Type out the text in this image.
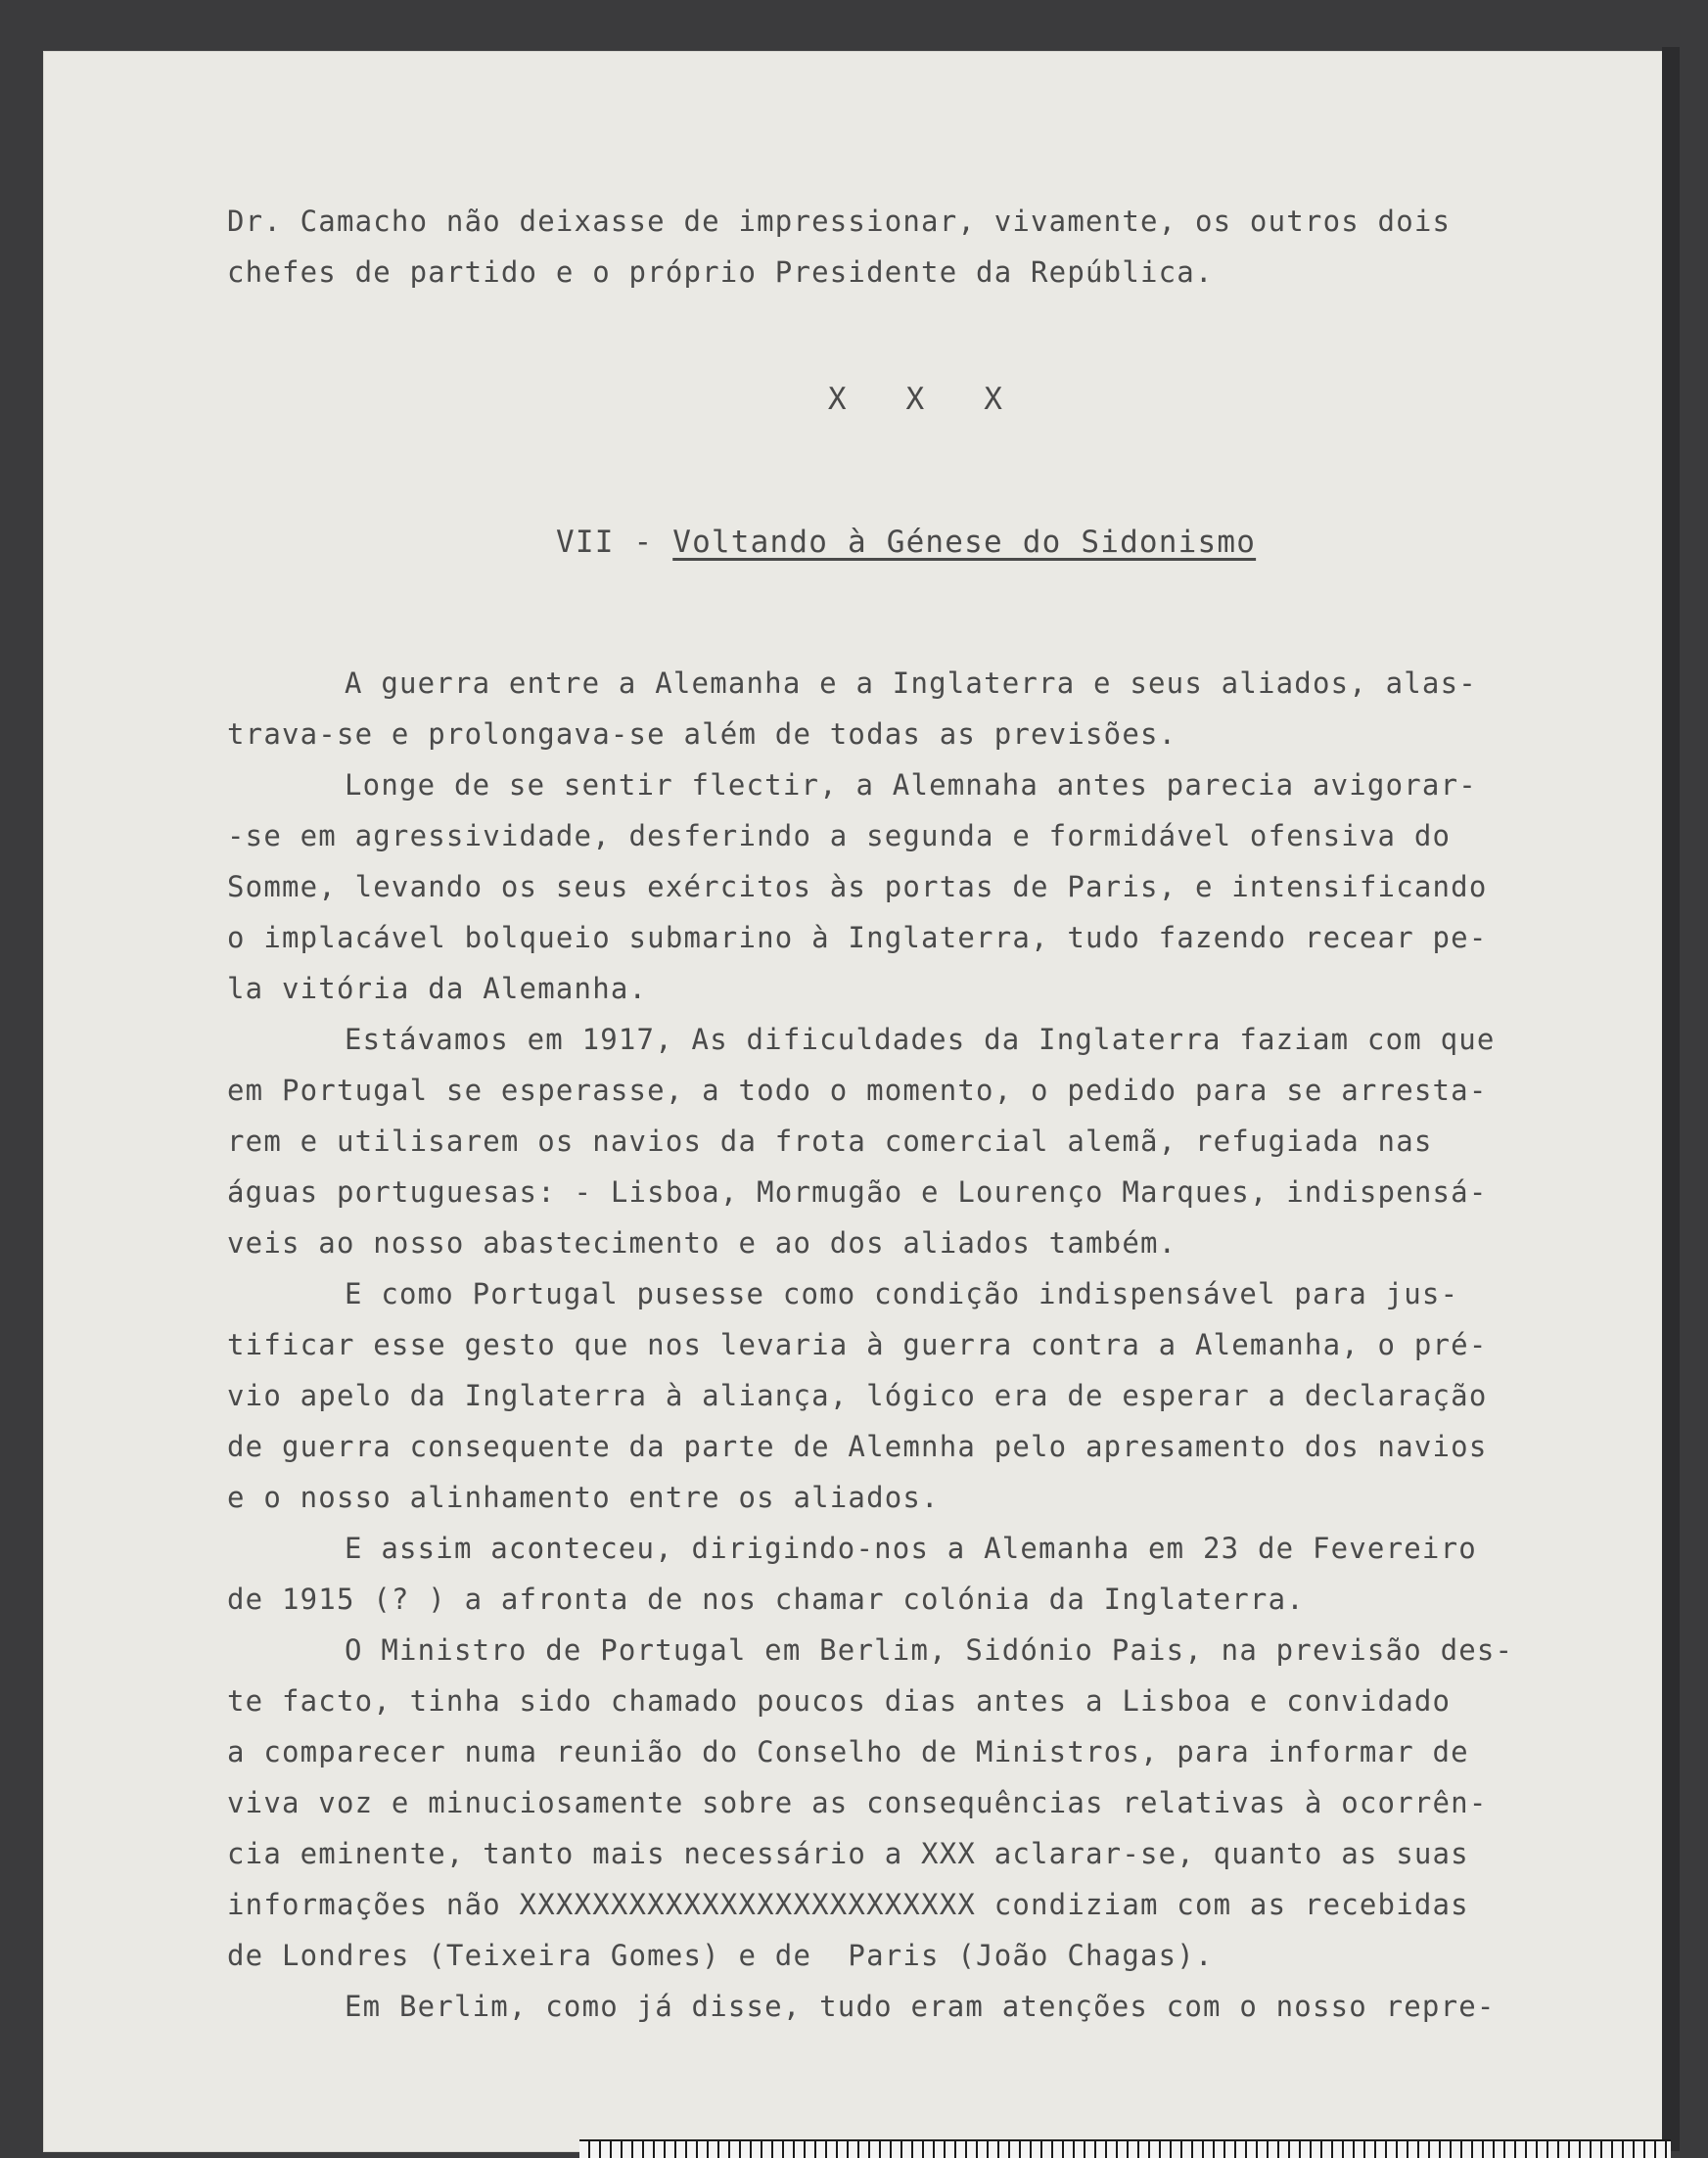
Dr. Camacho não deixasse de impressionar, vivamente, os outros dois
chefes de partido e o próprio Presidente da República.
X X X
VII - Voltando à Génese do Sidonismo
A guerra entre a Alemanha e a Inglaterra e seus aliados, alas-
trava-se e prolongava-se além de todas as previsões.
Longe de se sentir flectir, a Alemnaha antes parecia avigorar-
-se em agressividade, desferindo a segunda e formidável ofensiva do
Somme, levando os seus exércitos às portas de Paris, e intensificando
o implacável bolqueio submarino à Inglaterra, tudo fazendo recear pe-
la vitória da Alemanha.
Estávamos em 1917, As dificuldades da Inglaterra faziam com que
em Portugal se esperasse, a todo o momento, o pedido para se arresta-
rem e utilisarem os navios da frota comercial alemã, refugiada nas
águas portuguesas: - Lisboa, Mormugão e Lourenço Marques, indispensá-
veis ao nosso abastecimento e ao dos aliados também.
E como Portugal pusesse como condição indispensável para jus-
tificar esse gesto que nos levaria à guerra contra a Alemanha, o pré-
vio apelo da Inglaterra à aliança, lógico era de esperar a declaração
de guerra consequente da parte de Alemnha pelo apresamento dos navios
e o nosso alinhamento entre os aliados.
E assim aconteceu, dirigindo-nos a Alemanha em 23 de Fevereiro
de 1915 (? ) a afronta de nos chamar colónia da Inglaterra.
O Ministro de Portugal em Berlim, Sidónio Pais, na previsão des-
te facto, tinha sido chamado poucos dias antes a Lisboa e convidado
a comparecer numa reunião do Conselho de Ministros, para informar de
viva voz e minuciosamente sobre as consequências relativas à ocorrên-
cia eminente, tanto mais necessário a XXX aclarar-se, quanto as suas
informações não XXXXXXXXXXXXXXXXXXXXXXXXX condiziam com as recebidas
de Londres (Teixeira Gomes) e de  Paris (João Chagas).
Em Berlim, como já disse, tudo eram atenções com o nosso repre-
